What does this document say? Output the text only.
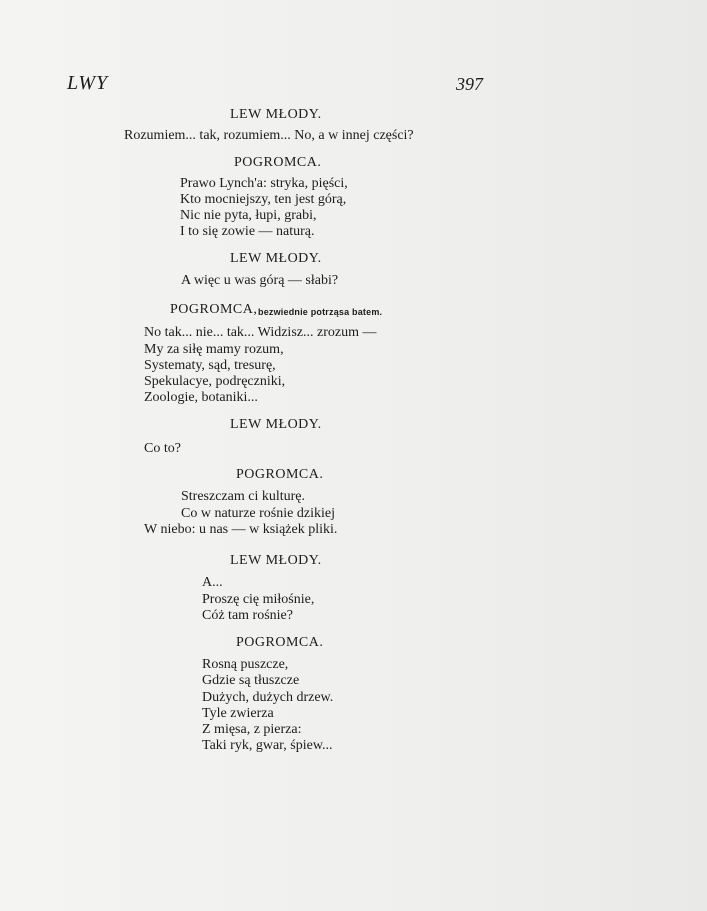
LWY	397
LEW MŁODY.
Rozumiem... tak, rozumiem... No, a w innej części?
POGROMCA.
Prawo Lynch'a: stryka, pięści,
Kto mocniejszy, ten jest górą,
Nic nie pyta, łupi, grabi,
I to się zowie — naturą.
LEW MŁODY.
A więc u was górą — słabi?
POGROMCA, bezwiednie potrząsa batem.
No tak... nie... tak... Widzisz... zrozum —
My za siłę mamy rozum,
Systematy, sąd, tresurę,
Spekulacye, podręczniki,
Zoologie, botaniki...
LEW MŁODY.
Co to?
POGROMCA.
Streszczam ci kulturę.
Co w naturze rośnie dzikiej
W niebo: u nas — w książek pliki.
LEW MŁODY.
A...
Proszę cię miłośnie,
Cóż tam rośnie?
POGROMCA.
Rosną puszcze,
Gdzie są tłuszcze
Dużych, dużych drzew.
Tyle zwierza
Z mięsa, z pierza:
Taki ryk, gwar, śpiew...
